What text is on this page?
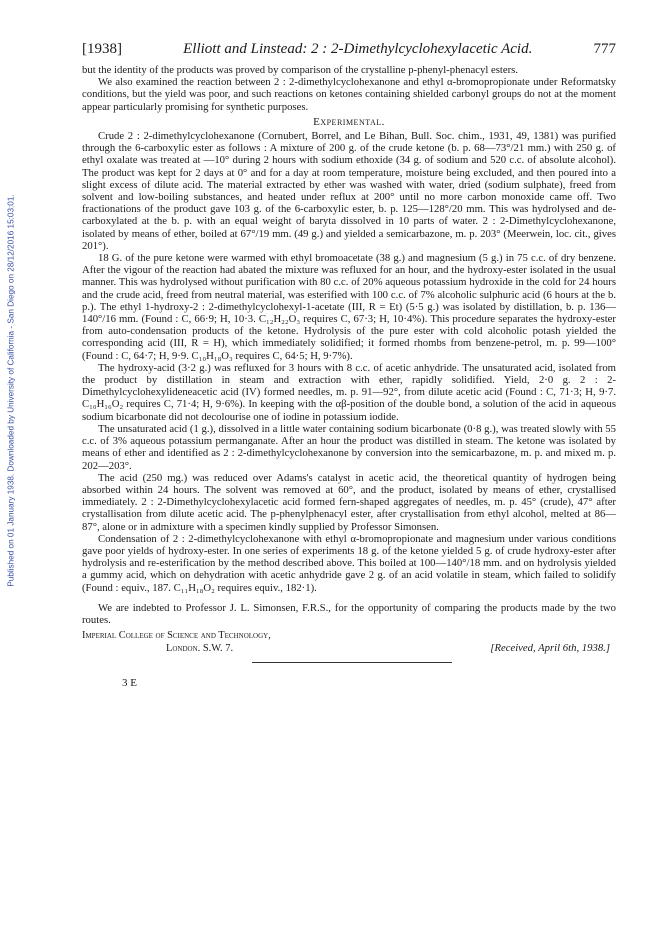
Published on 01 January 1938. Downloaded by University of California - San Diego on 28/12/2016 15:03:01.
[1938]	Elliott and Linstead: 2 : 2-Dimethylcyclohexylacetic Acid.	777

but the identity of the products was proved by comparison of the crystalline p-phenyl-phenacyl esters.

We also examined the reaction between 2 : 2-dimethylcyclohexanone and ethyl α-bromopropionate under Reformatsky conditions, but the yield was poor, and such reactions on ketones containing shielded carbonyl groups do not at the moment appear particularly promising for synthetic purposes.

Experimental.

Crude 2 : 2-dimethylcyclohexanone (Cornubert, Borrel, and Le Bihan, Bull. Soc. chim., 1931, 49, 1381) was purified through the 6-carboxylic ester as follows : A mixture of 200 g. of the crude ketone (b. p. 68—73°/21 mm.) with 250 g. of ethyl oxalate was treated at —10° during 2 hours with sodium ethoxide (34 g. of sodium and 520 c.c. of absolute alcohol). The product was kept for 2 days at 0° and for a day at room temperature, moisture being excluded, and then poured into a slight excess of dilute acid. The material extracted by ether was washed with water, dried (sodium sulphate), freed from solvent and low-boiling substances, and heated under reflux at 200° until no more carbon monoxide came off. Two fractionations of the product gave 103 g. of the 6-carboxylic ester, b. p. 125—128°/20 mm. This was hydrolysed and de-carboxylated at the b. p. with an equal weight of baryta dissolved in 10 parts of water. 2 : 2-Dimethylcyclohexanone, isolated by means of ether, boiled at 67°/19 mm. (49 g.) and yielded a semicarbazone, m. p. 203° (Meerwein, loc. cit., gives 201°).

18 G. of the pure ketone were warmed with ethyl bromoacetate (38 g.) and magnesium (5 g.) in 75 c.c. of dry benzene. After the vigour of the reaction had abated the mixture was refluxed for an hour, and the hydroxy-ester isolated in the usual manner. This was hydrolysed without purification with 80 c.c. of 20% aqueous potassium hydroxide in the cold for 24 hours and the crude acid, freed from neutral material, was esterified with 100 c.c. of 7% alcoholic sulphuric acid (6 hours at the b. p.). The ethyl 1-hydroxy-2 : 2-dimethylcyclohexyl-1-acetate (III, R = Et) (5·5 g.) was isolated by distillation, b. p. 136—140°/16 mm. (Found : C, 66·9; H, 10·3. C₁₂H₂₂O₃ requires C, 67·3; H, 10·4%). This procedure separates the hydroxy-ester from auto-condensation products of the ketone. Hydrolysis of the pure ester with cold alcoholic potash yielded the corresponding acid (III, R = H), which immediately solidified; it formed rhombs from benzene-petrol, m. p. 99—100° (Found : C, 64·7; H, 9·9. C₁₀H₁₈O₃ requires C, 64·5; H, 9·7%).

The hydroxy-acid (3·2 g.) was refluxed for 3 hours with 8 c.c. of acetic anhydride. The unsaturated acid, isolated from the product by distillation in steam and extraction with ether, rapidly solidified. Yield, 2·0 g. 2 : 2-Dimethylcyclohexylideneacetic acid (IV) formed needles, m. p. 91—92°, from dilute acetic acid (Found : C, 71·3; H, 9·7. C₁₀H₁₆O₂ requires C, 71·4; H, 9·6%). In keeping with the αβ-position of the double bond, a solution of the acid in aqueous sodium bicarbonate did not decolourise one of iodine in potassium iodide.

The unsaturated acid (1 g.), dissolved in a little water containing sodium bicarbonate (0·8 g.), was treated slowly with 55 c.c. of 3% aqueous potassium permanganate. After an hour the product was distilled in steam. The ketone was isolated by means of ether and identified as 2 : 2-dimethylcyclohexanone by conversion into the semicarbazone, m. p. and mixed m. p. 202—203°.

The acid (250 mg.) was reduced over Adams's catalyst in acetic acid, the theoretical quantity of hydrogen being absorbed within 24 hours. The solvent was removed at 60°, and the product, isolated by means of ether, crystallised immediately. 2 : 2-Dimethylcyclohexylacetic acid formed fern-shaped aggregates of needles, m. p. 45° (crude), 47° after crystallisation from dilute acetic acid. The p-phenylphenacyl ester, after crystallisation from ethyl alcohol, melted at 86—87°, alone or in admixture with a specimen kindly supplied by Professor Simonsen.

Condensation of 2 : 2-dimethylcyclohexanone with ethyl α-bromopropionate and magnesium under various conditions gave poor yields of hydroxy-ester. In one series of experiments 18 g. of the ketone yielded 5 g. of crude hydroxy-ester after hydrolysis and re-esterification by the method described above. This boiled at 100—140°/18 mm. and on hydrolysis yielded a gummy acid, which on dehydration with acetic anhydride gave 2 g. of an acid volatile in steam, which failed to solidify (Found : equiv., 187. C₁₁H₁₈O₂ requires equiv., 182·1).

We are indebted to Professor J. L. Simonsen, F.R.S., for the opportunity of comparing the products made by the two routes.

Imperial College of Science and Technology,
London. S.W. 7.	[Received, April 6th, 1938.]
3 E
